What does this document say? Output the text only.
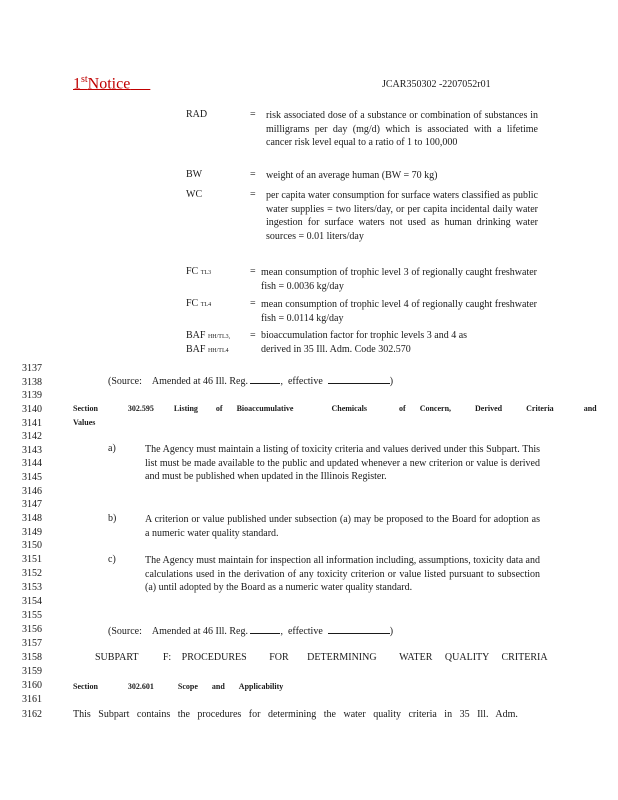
1stNotice	JCAR350302 -2207052r01
RAD	= risk associated dose of a substance or combination of substances in milligrams per day (mg/d) which is associated with a lifetime cancer risk level equal to a ratio of 1 to 100,000
BW	= weight of an average human (BW = 70 kg)
WC	= per capita water consumption for surface waters classified as public water supplies = two liters/day, or per capita incidental daily water ingestion for surface waters not used as human drinking water sources = 0.01 liters/day
FC TL3	= mean consumption of trophic level 3 of regionally caught freshwater fish = 0.0036 kg/day
FC TL4	= mean consumption of trophic level 4 of regionally caught freshwater fish = 0.0114 kg/day
BAF HH/TL3, = bioaccumulation factor for trophic levels 3 and 4 as
BAF HH/TL4	derived in 35 Ill. Adm. Code 302.570
3137
3138
3139
3140
3141
3142
3143
3144
3145
3146
3147
3148
3149
3150
3151
3152
3153
3154
3155
3156
3157
3158
3159
3160
3161
3162
(Source: Amended at 46 Ill. Reg.	,  effective	)
Section	302.595	Listing of Bioaccumulative	Chemicals	of Concern,	Derived	Criteria	and
Values
a)	The Agency must maintain a listing of toxicity criteria and values derived under this Subpart. This list must be made available to the public and updated whenever a new criterion or value is derived and must be published when updated in the Illinois Register.
b)	A criterion or value published under subsection (a) may be proposed to the Board for adoption as a numeric water quality standard.
c)	The Agency must maintain for inspection all information including, assumptions, toxicity data and calculations used in the derivation of any toxicity criterion or value listed pursuant to subsection (a) until adopted by the Board as a numeric water quality standard.
(Source: Amended at 46 Ill. Reg.	,  effective	)
SUBPART F: PROCEDURES FOR DETERMINING WATER QUALITY CRITERIA
Section	302.601	Scope and Applicability
This Subpart contains the procedures for determining the water quality criteria in 35 Ill. Adm.
